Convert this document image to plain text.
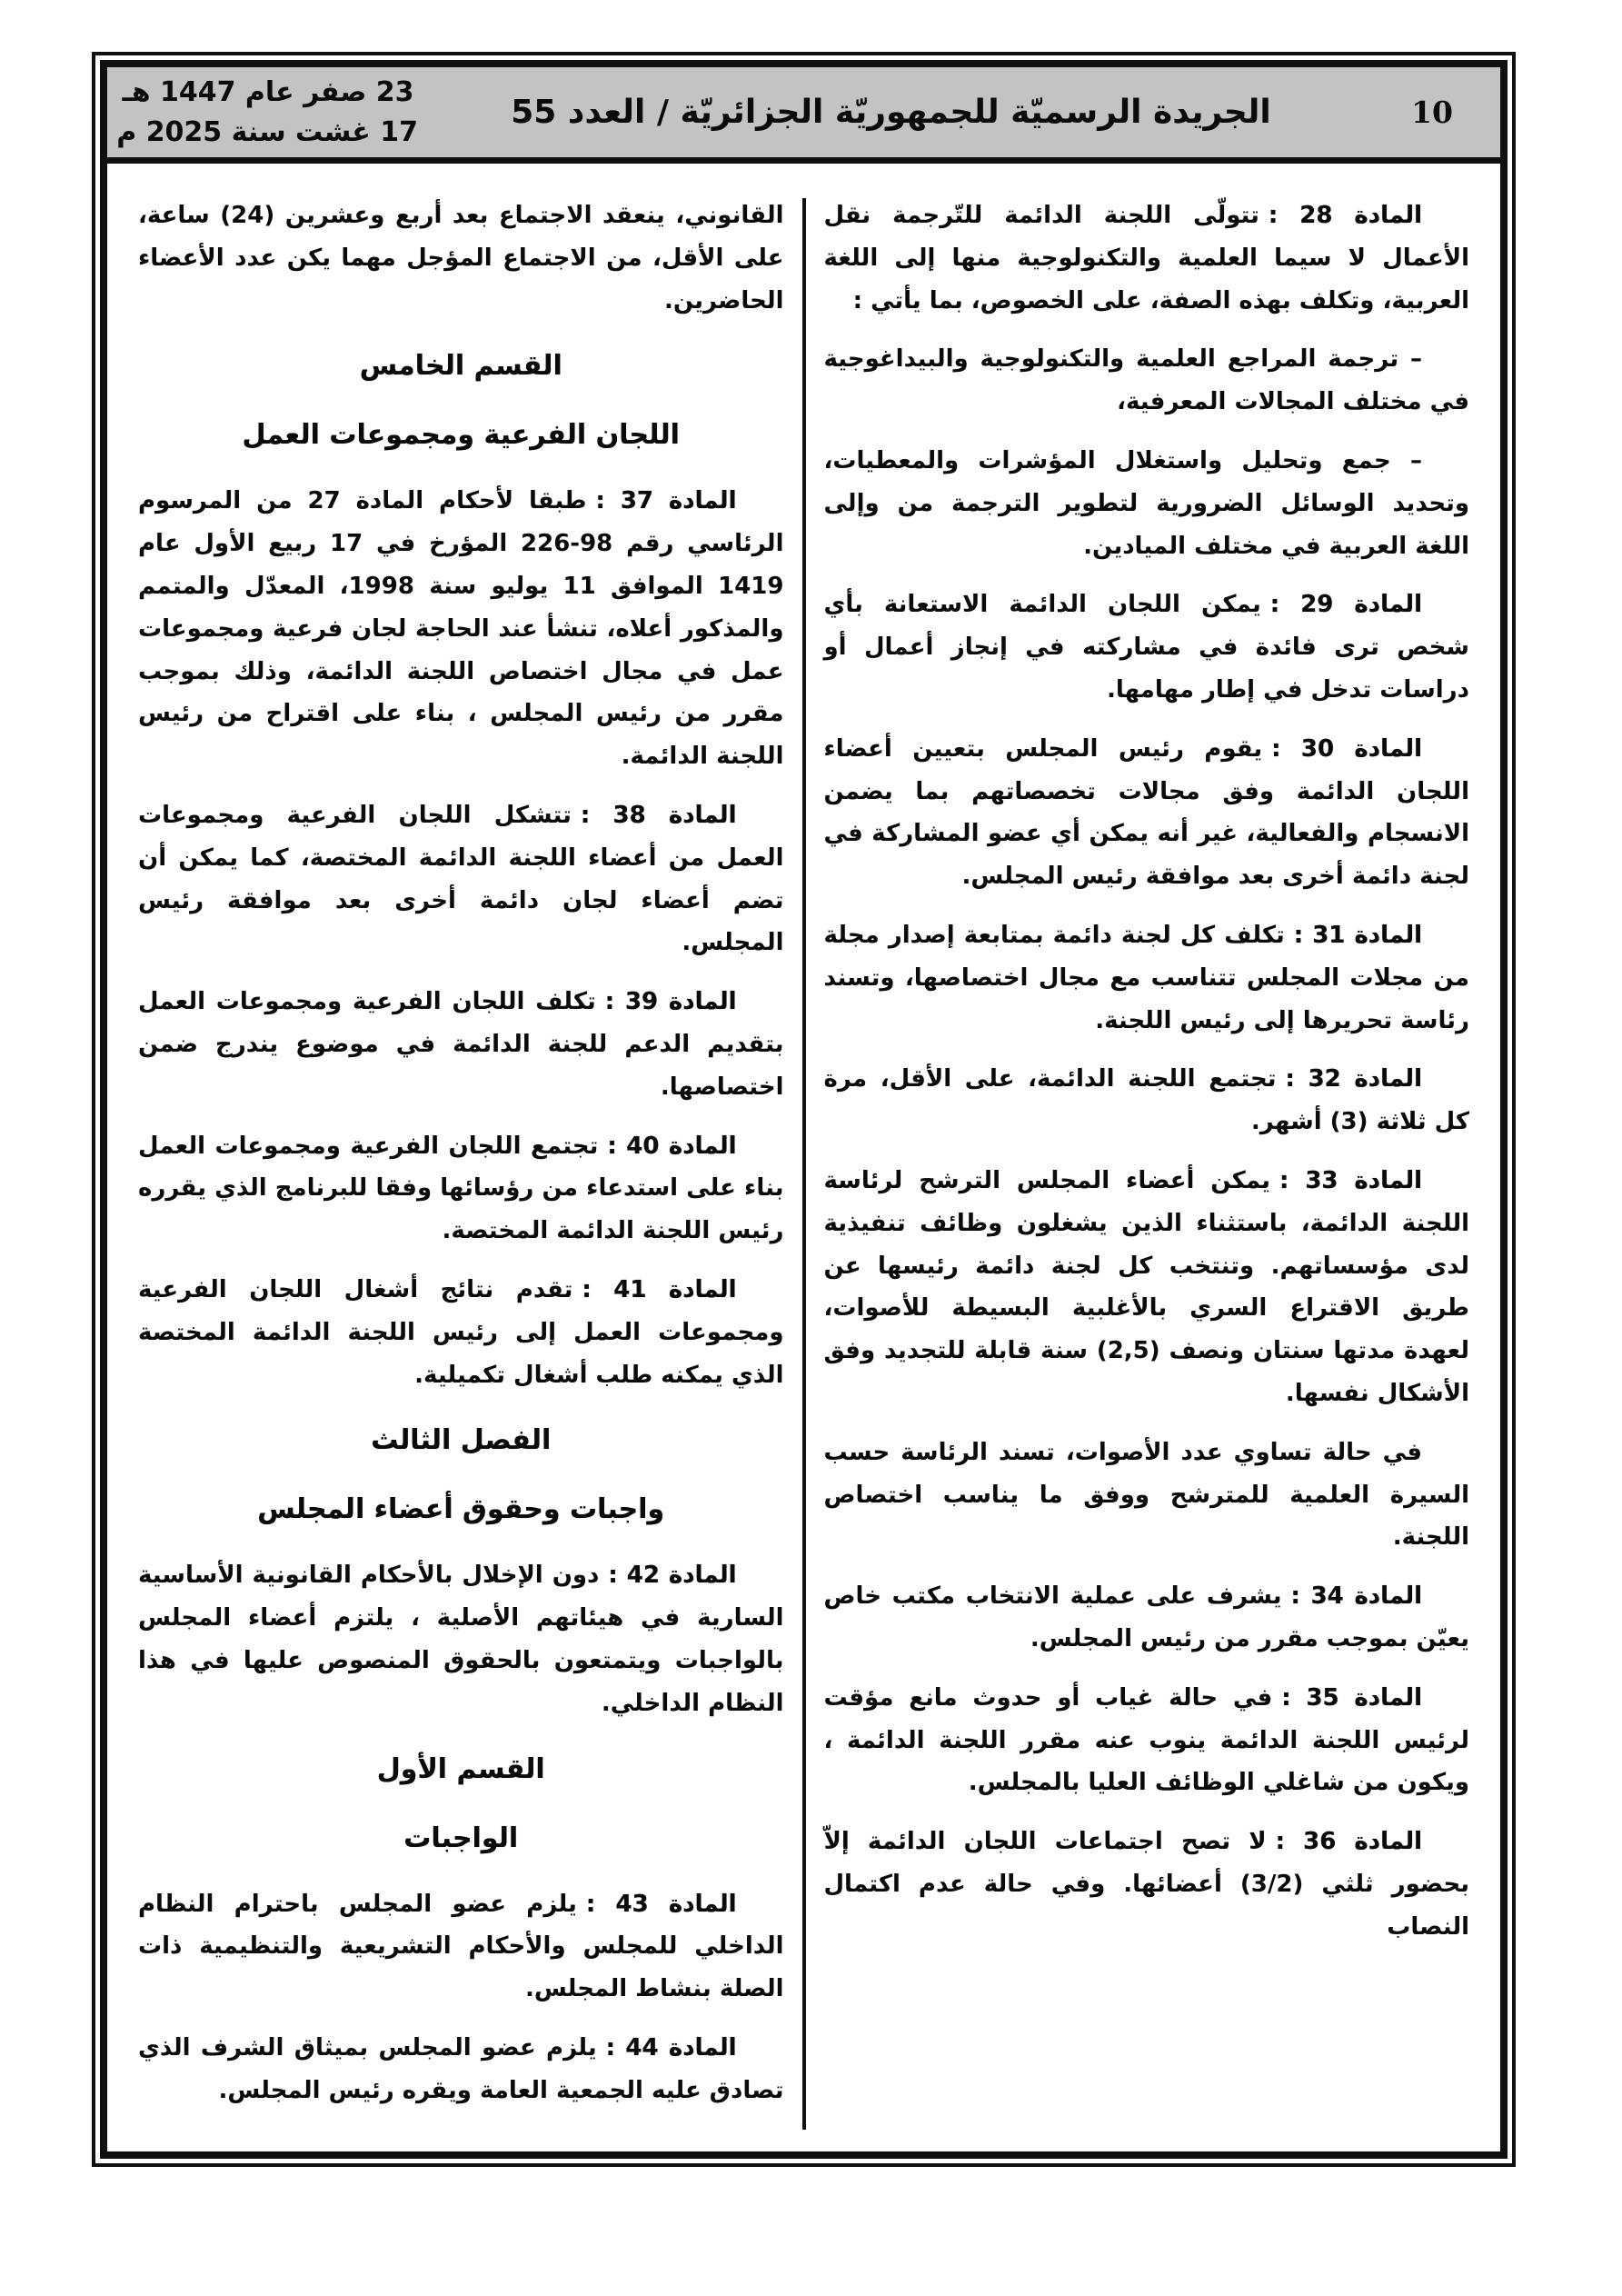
23 صفر عام 1447 هـ
17 غشت سنة 2025 م
الجريدة الرسميّة للجمهوريّة الجزائريّة / العدد 55	10

المادة 28 :تتولّى اللجنة الدائمة للتّرجمة نقل الأعمال لا سيما العلمية والتكنولوجية منها إلى اللغة العربية، وتكلف بهذه الصفة، على الخصوص، بما يأتي :

– ترجمة المراجع العلمية والتكنولوجية والبيداغوجية في مختلف المجالات المعرفية،

– جمع وتحليل واستغلال المؤشرات والمعطيات، وتحديد الوسائل الضرورية لتطوير الترجمة من وإلى اللغة العربية في مختلف الميادين.

المادة 29 :يمكن اللجان الدائمة الاستعانة بأي شخص ترى فائدة في مشاركته في إنجاز أعمال أو دراسات تدخل في إطار مهامها.

المادة 30 :يقوم رئيس المجلس بتعيين أعضاء اللجان الدائمة وفق مجالات تخصصاتهم بما يضمن الانسجام والفعالية، غير أنه يمكن أي عضو المشاركة في لجنة دائمة أخرى بعد موافقة رئيس المجلس.

المادة 31 :تكلف كل لجنة دائمة بمتابعة إصدار مجلة من مجلات المجلس تتناسب مع مجال اختصاصها، وتسند رئاسة تحريرها إلى رئيس اللجنة.

المادة 32 :تجتمع اللجنة الدائمة، على الأقل، مرة كل ثلاثة (3) أشهر.

المادة 33 :يمكن أعضاء المجلس الترشح لرئاسة اللجنة الدائمة، باستثناء الذين يشغلون وظائف تنفيذية لدى مؤسساتهم. وتنتخب كل لجنة دائمة رئيسها عن طريق الاقتراع السري بالأغلبية البسيطة للأصوات، لعهدة مدتها سنتان ونصف (2,5) سنة قابلة للتجديد وفق الأشكال نفسها.

في حالة تساوي عدد الأصوات، تسند الرئاسة حسب السيرة العلمية للمترشح ووفق ما يناسب اختصاص اللجنة.

المادة 34 :يشرف على عملية الانتخاب مكتب خاص يعيّن بموجب مقرر من رئيس المجلس.

المادة 35 :في حالة غياب أو حدوث مانع مؤقت لرئيس اللجنة الدائمة ينوب عنه مقرر اللجنة الدائمة ، ويكون من شاغلي الوظائف العليا بالمجلس.

المادة 36 :لا تصح اجتماعات اللجان الدائمة إلاّ بحضور ثلثي (3/2) أعضائها. وفي حالة عدم اكتمال النصاب

القانوني، ينعقد الاجتماع بعد أربع وعشرين (24) ساعة، على الأقل، من الاجتماع المؤجل مهما يكن عدد الأعضاء الحاضرين.

القسم الخامس
اللجان الفرعية ومجموعات العمل

المادة 37 :طبقا لأحكام المادة 27 من المرسوم الرئاسي رقم 98-226 المؤرخ في 17 ربيع الأول عام 1419 الموافق 11 يوليو سنة 1998، المعدّل والمتمم والمذكور أعلاه، تنشأ عند الحاجة لجان فرعية ومجموعات عمل في مجال اختصاص اللجنة الدائمة، وذلك بموجب مقرر من رئيس المجلس ، بناء على اقتراح من رئيس اللجنة الدائمة.

المادة 38 :تتشكل اللجان الفرعية ومجموعات العمل من أعضاء اللجنة الدائمة المختصة، كما يمكن أن تضم أعضاء لجان دائمة أخرى بعد موافقة رئيس المجلس.

المادة 39 :تكلف اللجان الفرعية ومجموعات العمل بتقديم الدعم للجنة الدائمة في موضوع يندرج ضمن اختصاصها.

المادة 40 :تجتمع اللجان الفرعية ومجموعات العمل بناء على استدعاء من رؤسائها وفقا للبرنامج الذي يقرره رئيس اللجنة الدائمة المختصة.

المادة 41 :تقدم نتائج أشغال اللجان الفرعية ومجموعات العمل إلى رئيس اللجنة الدائمة المختصة الذي يمكنه طلب أشغال تكميلية.

الفصل الثالث
واجبات وحقوق أعضاء المجلس

المادة 42 :دون الإخلال بالأحكام القانونية الأساسية السارية في هيئاتهم الأصلية ، يلتزم أعضاء المجلس بالواجبات ويتمتعون بالحقوق المنصوص عليها في هذا النظام الداخلي.

القسم الأول
الواجبات

المادة 43 :يلزم عضو المجلس باحترام النظام الداخلي للمجلس والأحكام التشريعية والتنظيمية ذات الصلة بنشاط المجلس.

المادة 44 :يلزم عضو المجلس بميثاق الشرف الذي تصادق عليه الجمعية العامة ويقره رئيس المجلس.
